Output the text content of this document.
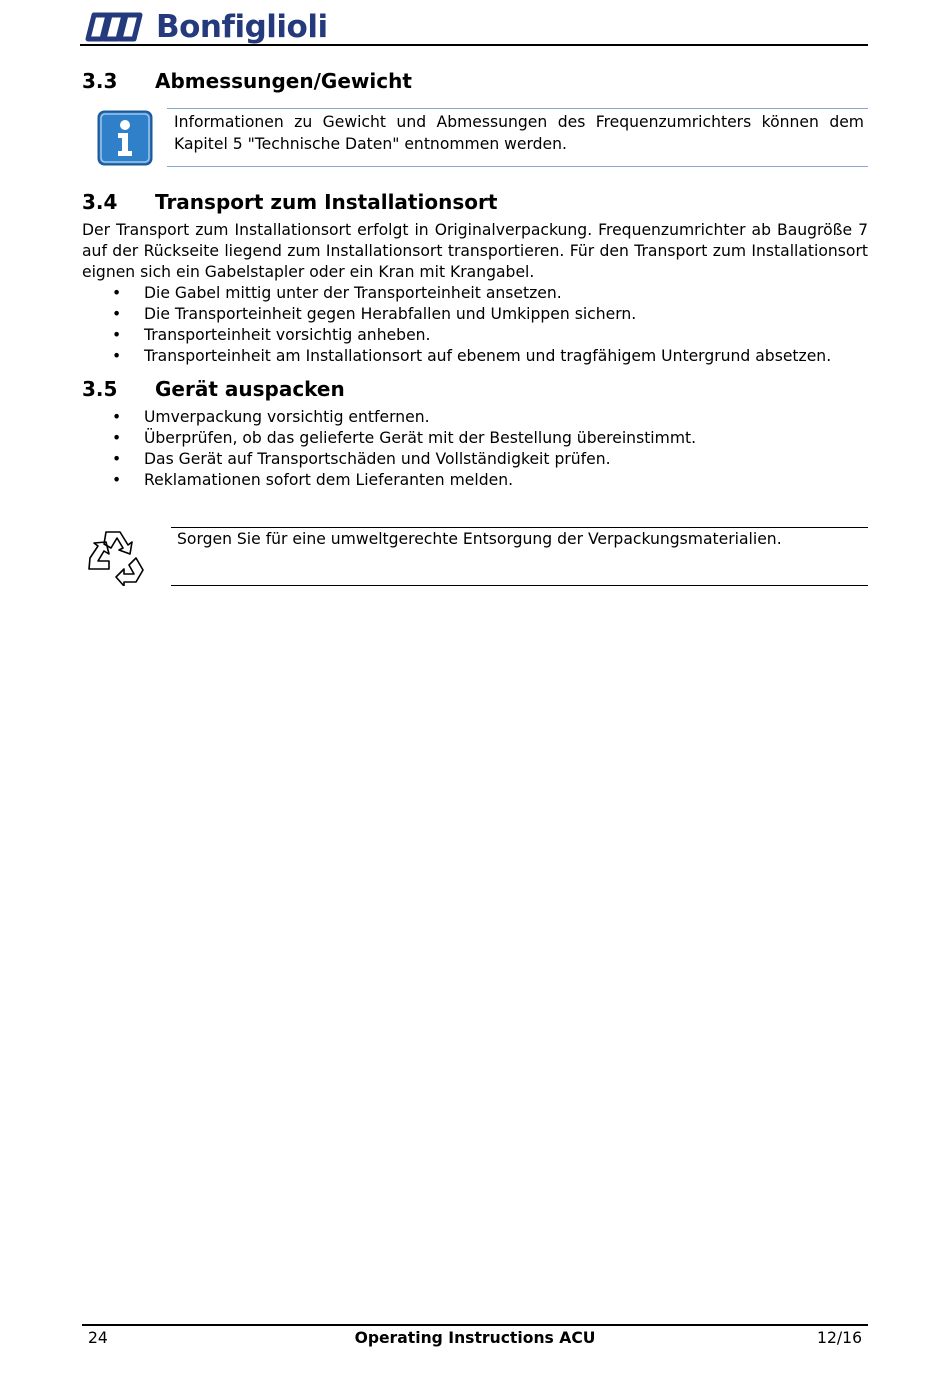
Bonfiglioli
3.3 Abmessungen/Gewicht

Informationen zu Gewicht und Abmessungen des Frequenzumrichters können dem Kapitel 5 "Technische Daten" entnommen werden.

3.4 Transport zum Installationsort

Der Transport zum Installationsort erfolgt in Originalverpackung. Frequenzumrichter ab Baugröße 7 auf der Rückseite liegend zum Installationsort transportieren. Für den Transport zum Installationsort eignen sich ein Gabelstapler oder ein Kran mit Krangabel.

• Die Gabel mittig unter der Transporteinheit ansetzen.
• Die Transporteinheit gegen Herabfallen und Umkippen sichern.
• Transporteinheit vorsichtig anheben.
• Transporteinheit am Installationsort auf ebenem und tragfähigem Untergrund absetzen.
3.5 Gerät auspacken
• Umverpackung vorsichtig entfernen.
• Überprüfen, ob das gelieferte Gerät mit der Bestellung übereinstimmt.
• Das Gerät auf Transportschäden und Vollständigkeit prüfen.
• Reklamationen sofort dem Lieferanten melden.

Sorgen Sie für eine umweltgerechte Entsorgung der Verpackungsmaterialien.

24	Operating Instructions ACU	12/16
